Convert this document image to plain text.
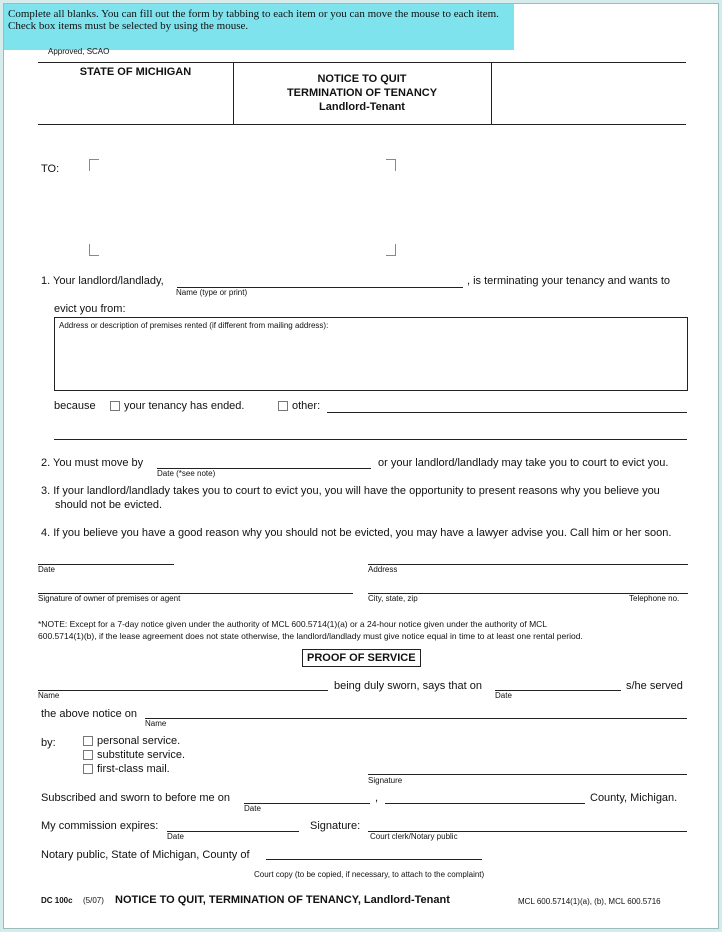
Complete all blanks. You can fill out the form by tabbing to each item or you can move the mouse to each item. Check box items must be selected by using the mouse.
Approved, SCAO
STATE OF MICHIGAN
NOTICE TO QUIT
TERMINATION OF TENANCY
Landlord-Tenant
TO:
1. Your landlord/landlady,	, is terminating your tenancy and wants to
Name (type or print)
evict you from:
Address or description of premises rented (if different from mailing address):
because	your tenancy has ended.	other:
2. You must move by
Date (*see note)
or your landlord/landlady may take you to court to evict you.
3. If your landlord/landlady takes you to court to evict you, you will have the opportunity to present reasons why you believe you
should not be evicted.
4. If you believe you have a good reason why you should not be evicted, you may have a lawyer advise you. Call him or her soon.
Date	Address
Signature of owner of premises or agent	City, state, zip	Telephone no.
*NOTE: Except for a 7-day notice given under the authority of MCL 600.5714(1)(a) or a 24-hour notice given under the authority of MCL
600.5714(1)(b), if the lease agreement does not state otherwise, the landlord/landlady must give notice equal in time to at least one rental period.
PROOF OF SERVICE
Name
being duly sworn, says that on
Date
s/he served
the above notice on
Name
by:	personal service.
substitute service.
first-class mail.
Signature
Subscribed and sworn to before me on
Date
,	County, Michigan.
My commission expires:
Date
Signature:
Court clerk/Notary public
Notary public, State of Michigan, County of
Court copy (to be copied, if necessary, to attach to the complaint)
DC 100c (5/07) NOTICE TO QUIT, TERMINATION OF TENANCY, Landlord-Tenant	MCL 600.5714(1)(a), (b), MCL 600.5716
